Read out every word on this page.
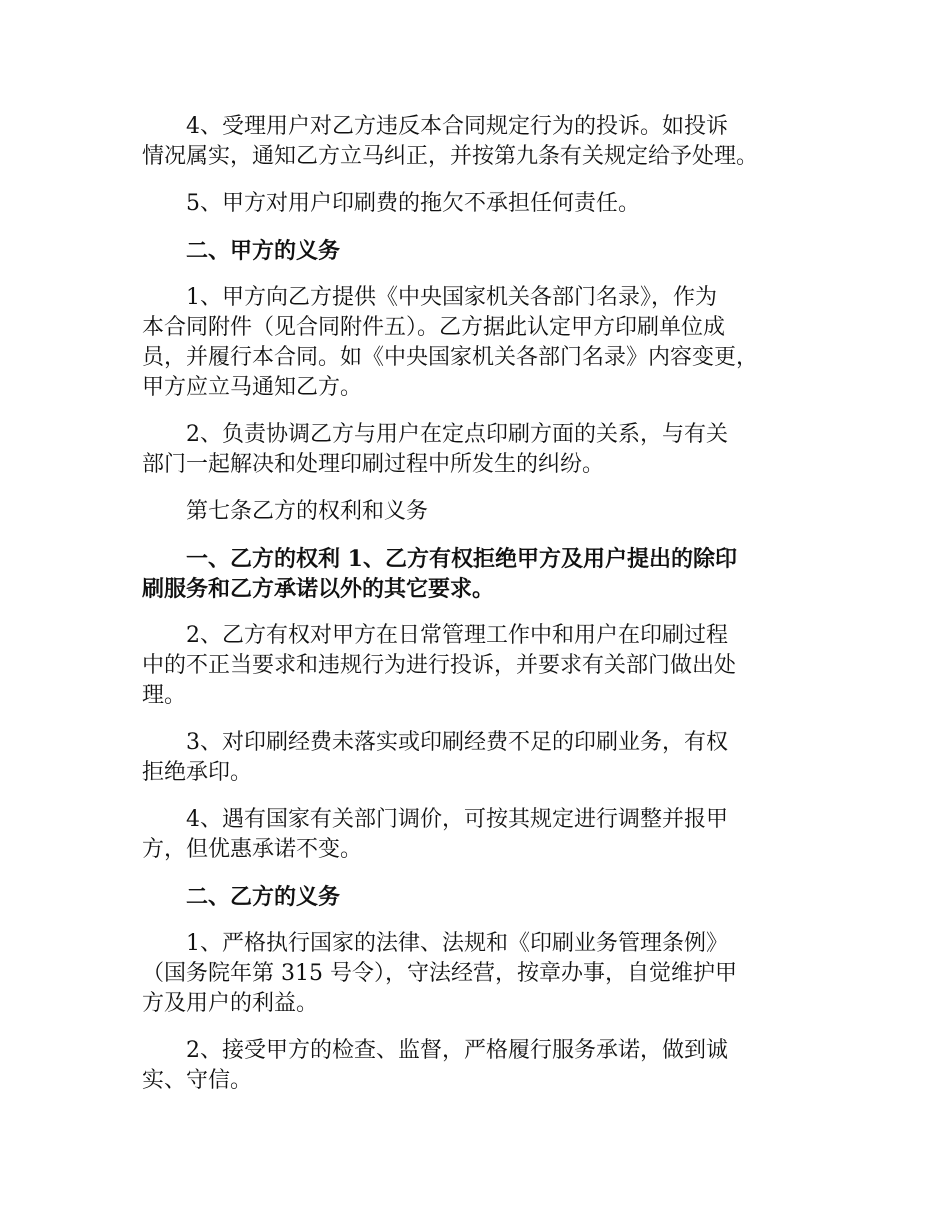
4、受理用户对乙方违反本合同规定行为的投诉。如投诉
情况属实，通知乙方立马纠正，并按第九条有关规定给予处理。

5、甲方对用户印刷费的拖欠不承担任何责任。

二、甲方的义务

1、甲方向乙方提供《中央国家机关各部门名录》，作为
本合同附件（见合同附件五）。乙方据此认定甲方印刷单位成
员，并履行本合同。如《中央国家机关各部门名录》内容变更，
甲方应立马通知乙方。

2、负责协调乙方与用户在定点印刷方面的关系，与有关
部门一起解决和处理印刷过程中所发生的纠纷。

第七条乙方的权利和义务

一、乙方的权利 1、乙方有权拒绝甲方及用户提出的除印
刷服务和乙方承诺以外的其它要求。

2、乙方有权对甲方在日常管理工作中和用户在印刷过程
中的不正当要求和违规行为进行投诉，并要求有关部门做出处
理。

3、对印刷经费未落实或印刷经费不足的印刷业务，有权
拒绝承印。

4、遇有国家有关部门调价，可按其规定进行调整并报甲
方，但优惠承诺不变。

二、乙方的义务

1、严格执行国家的法律、法规和《印刷业务管理条例》
（国务院年第 315 号令），守法经营，按章办事，自觉维护甲
方及用户的利益。

2、接受甲方的检查、监督，严格履行服务承诺，做到诚
实、守信。
